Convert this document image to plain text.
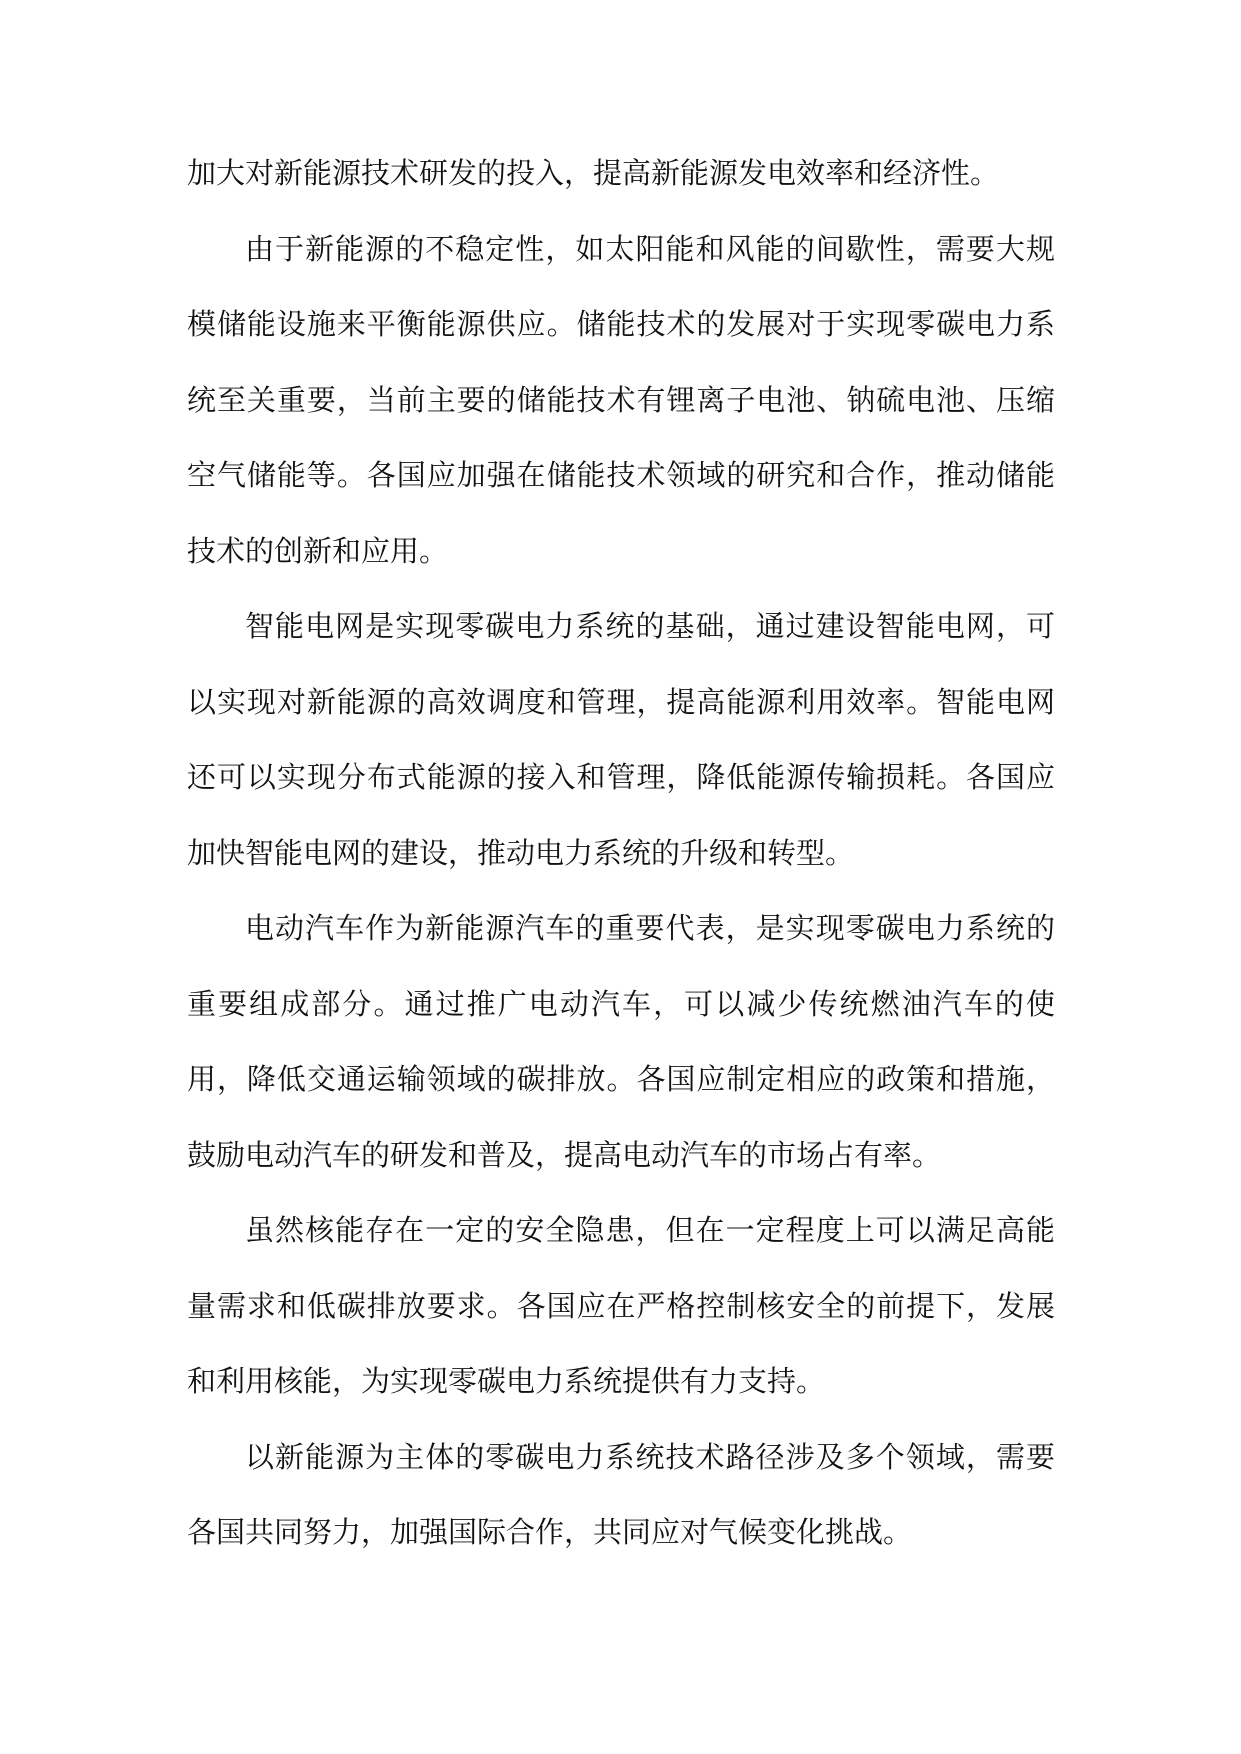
加大对新能源技术研发的投入，提高新能源发电效率和经济性。

由于新能源的不稳定性，如太阳能和风能的间歇性，需要大规模储能设施来平衡能源供应。储能技术的发展对于实现零碳电力系统至关重要，当前主要的储能技术有锂离子电池、钠硫电池、压缩空气储能等。各国应加强在储能技术领域的研究和合作，推动储能技术的创新和应用。

智能电网是实现零碳电力系统的基础，通过建设智能电网，可以实现对新能源的高效调度和管理，提高能源利用效率。智能电网还可以实现分布式能源的接入和管理，降低能源传输损耗。各国应加快智能电网的建设，推动电力系统的升级和转型。

电动汽车作为新能源汽车的重要代表，是实现零碳电力系统的重要组成部分。通过推广电动汽车，可以减少传统燃油汽车的使用，降低交通运输领域的碳排放。各国应制定相应的政策和措施，鼓励电动汽车的研发和普及，提高电动汽车的市场占有率。

虽然核能存在一定的安全隐患，但在一定程度上可以满足高能量需求和低碳排放要求。各国应在严格控制核安全的前提下，发展和利用核能，为实现零碳电力系统提供有力支持。

以新能源为主体的零碳电力系统技术路径涉及多个领域，需要各国共同努力，加强国际合作，共同应对气候变化挑战。
